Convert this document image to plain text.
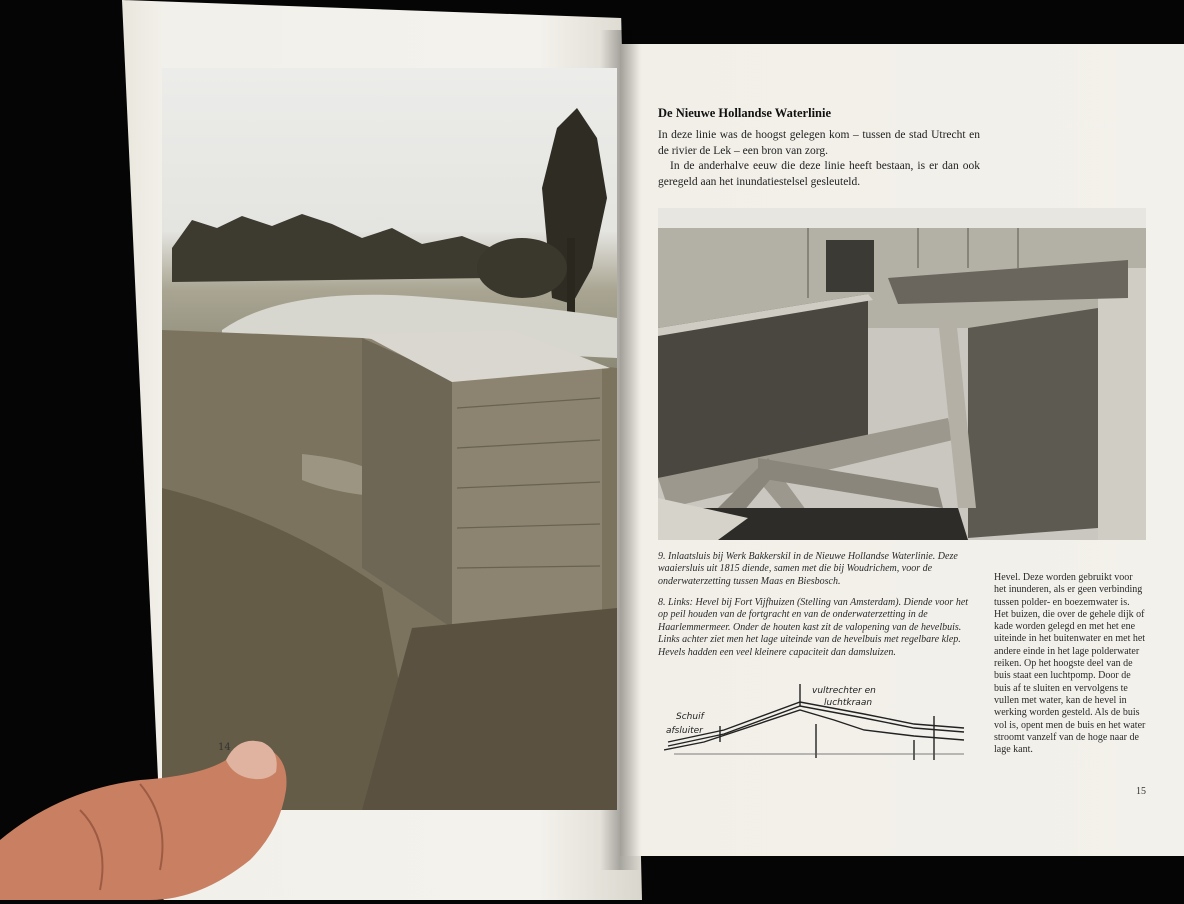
14
De Nieuwe Hollandse Waterlinie

In deze linie was de hoogst gelegen kom – tussen de stad Utrecht en de rivier de Lek – een bron van zorg.

In de anderhalve eeuw die deze linie heeft bestaan, is er dan ook geregeld aan het inundatiestelsel gesleuteld.

9. Inlaatsluis bij Werk Bakkerskil in de Nieuwe Hollandse Waterlinie. Deze waaiersluis uit 1815 diende, samen met die bij Woudrichem, voor de onderwaterzetting tussen Maas en Biesbosch.

8. Links: Hevel bij Fort Vijfhuizen (Stelling van Amsterdam). Diende voor het op peil houden van de fortgracht en van de onderwaterzetting in de Haarlemmermeer. Onder de houten kast zit de valopening van de hevelbuis. Links achter ziet men het lage uiteinde van de hevelbuis met regelbare klep. Hevels hadden een veel kleinere capaciteit dan damsluizen.

Hevel. Deze worden gebruikt voor het inunderen, als er geen verbinding tussen polder- en boezemwater is. Het buizen, die over de gehele dijk of kade worden gelegd en met het ene uiteinde in het buitenwater en met het andere einde in het lage polderwater reiken. Op het hoogste deel van de buis staat een luchtpomp. Door de buis af te sluiten en vervolgens te vullen met water, kan de hevel in werking worden gesteld. Als de buis vol is, opent men de buis en het water stroomt vanzelf van de hoge naar de lage kant.
vultrechter en
luchtkraan
Schuif
afsluiter
15
